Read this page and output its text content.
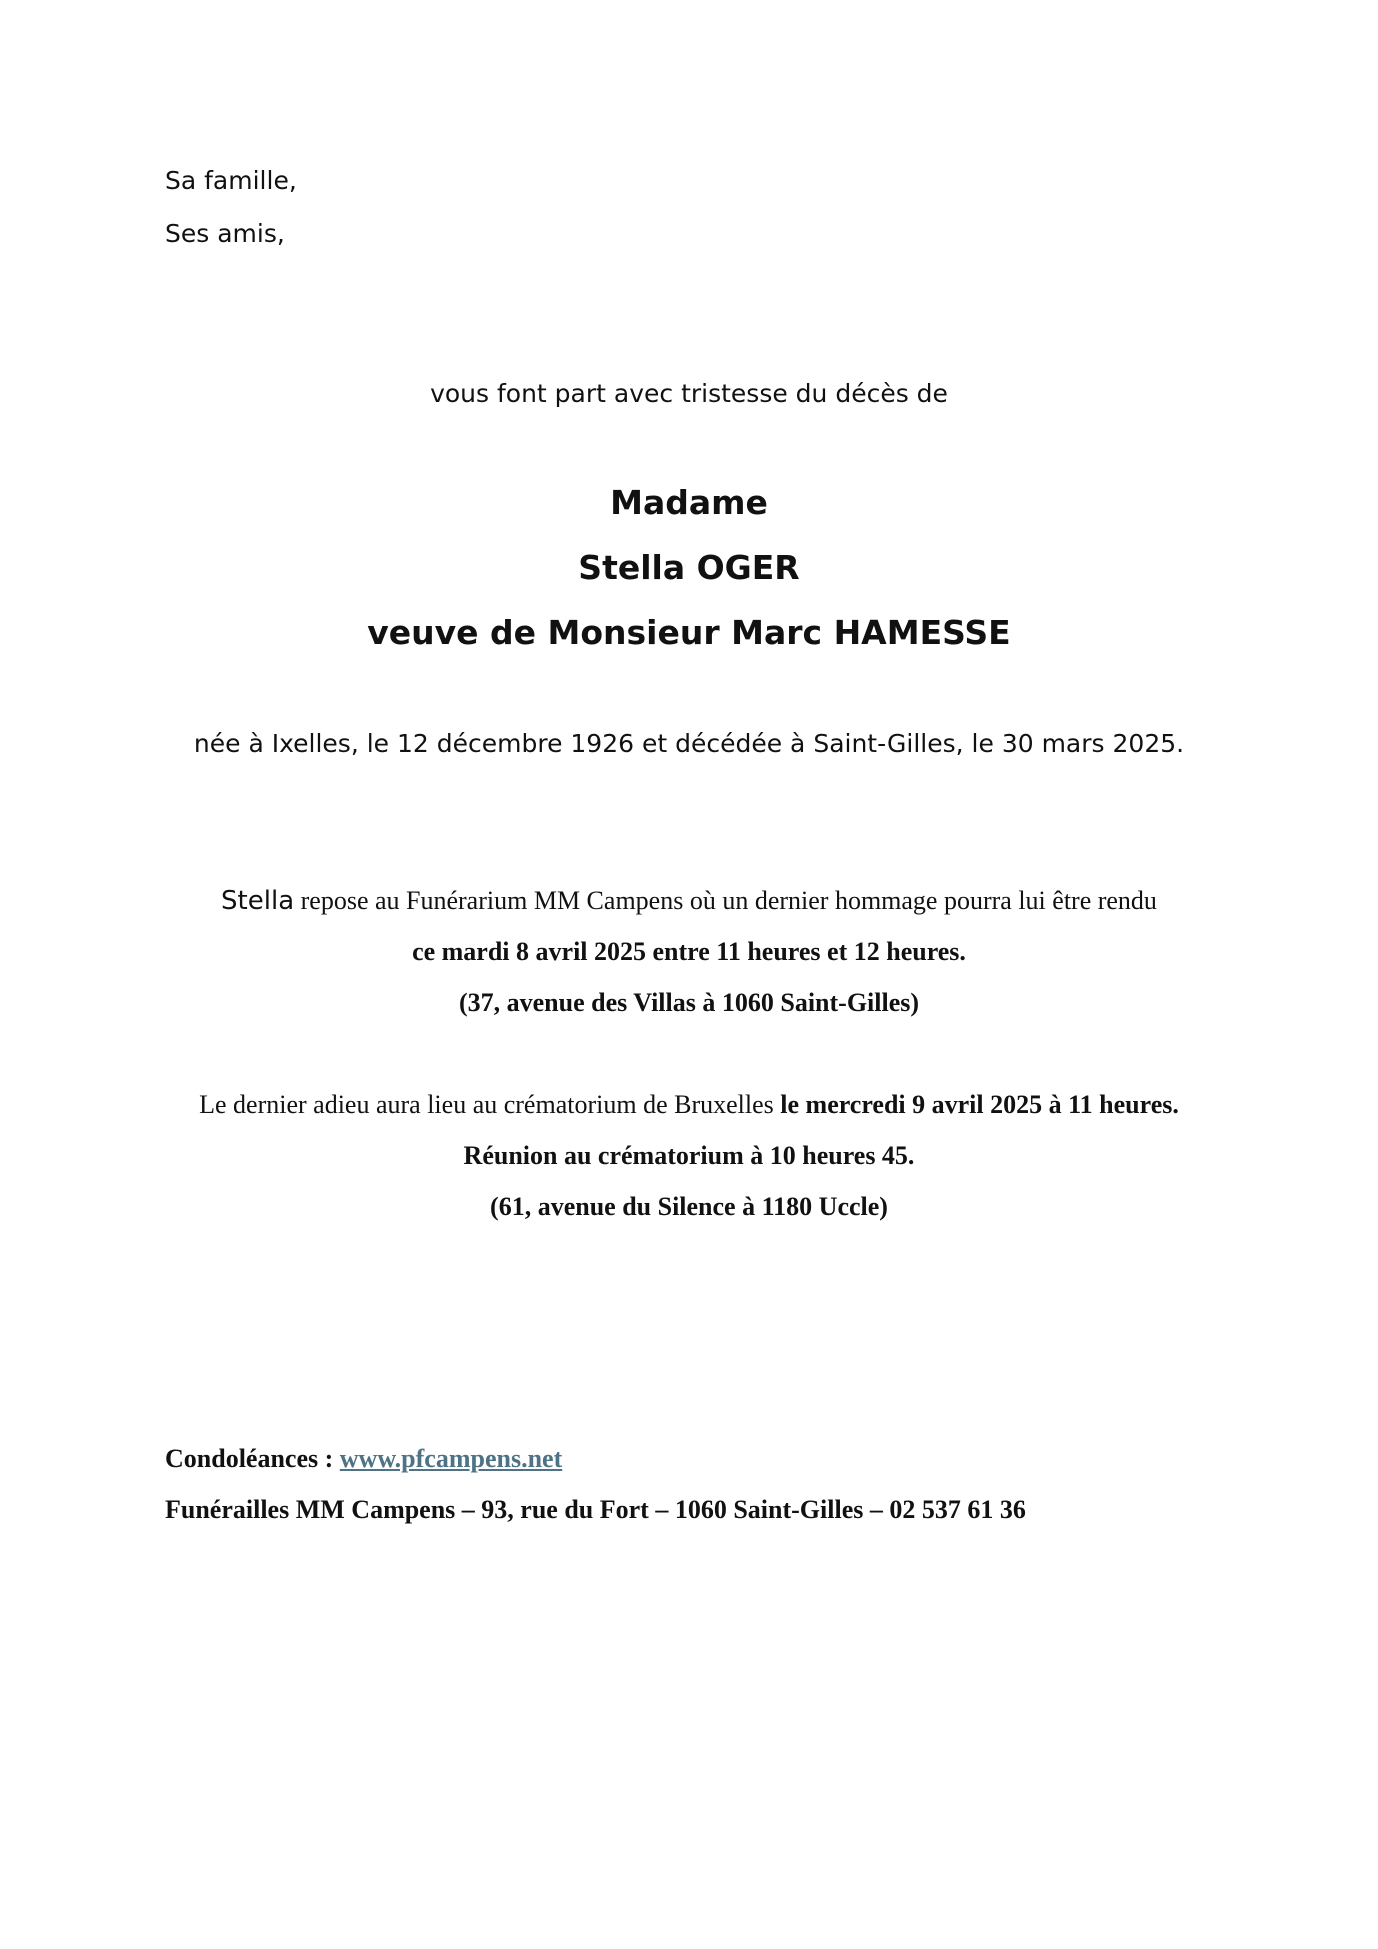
Sa famille,
Ses amis,
vous font part avec tristesse du décès de
Madame
Stella OGER
veuve de Monsieur Marc HAMESSE
née à Ixelles, le 12 décembre 1926 et décédée à Saint-Gilles, le 30 mars 2025.
Stella repose au Funérarium MM Campens où un dernier hommage pourra lui être rendu
ce mardi 8 avril 2025 entre 11 heures et 12 heures.
(37, avenue des Villas à 1060 Saint-Gilles)
Le dernier adieu aura lieu au crématorium de Bruxelles le mercredi 9 avril 2025 à 11 heures.
Réunion au crématorium à 10 heures 45.
(61, avenue du Silence à 1180 Uccle)
Condoléances : www.pfcampens.net
Funérailles MM Campens – 93, rue du Fort – 1060 Saint-Gilles – 02 537 61 36
